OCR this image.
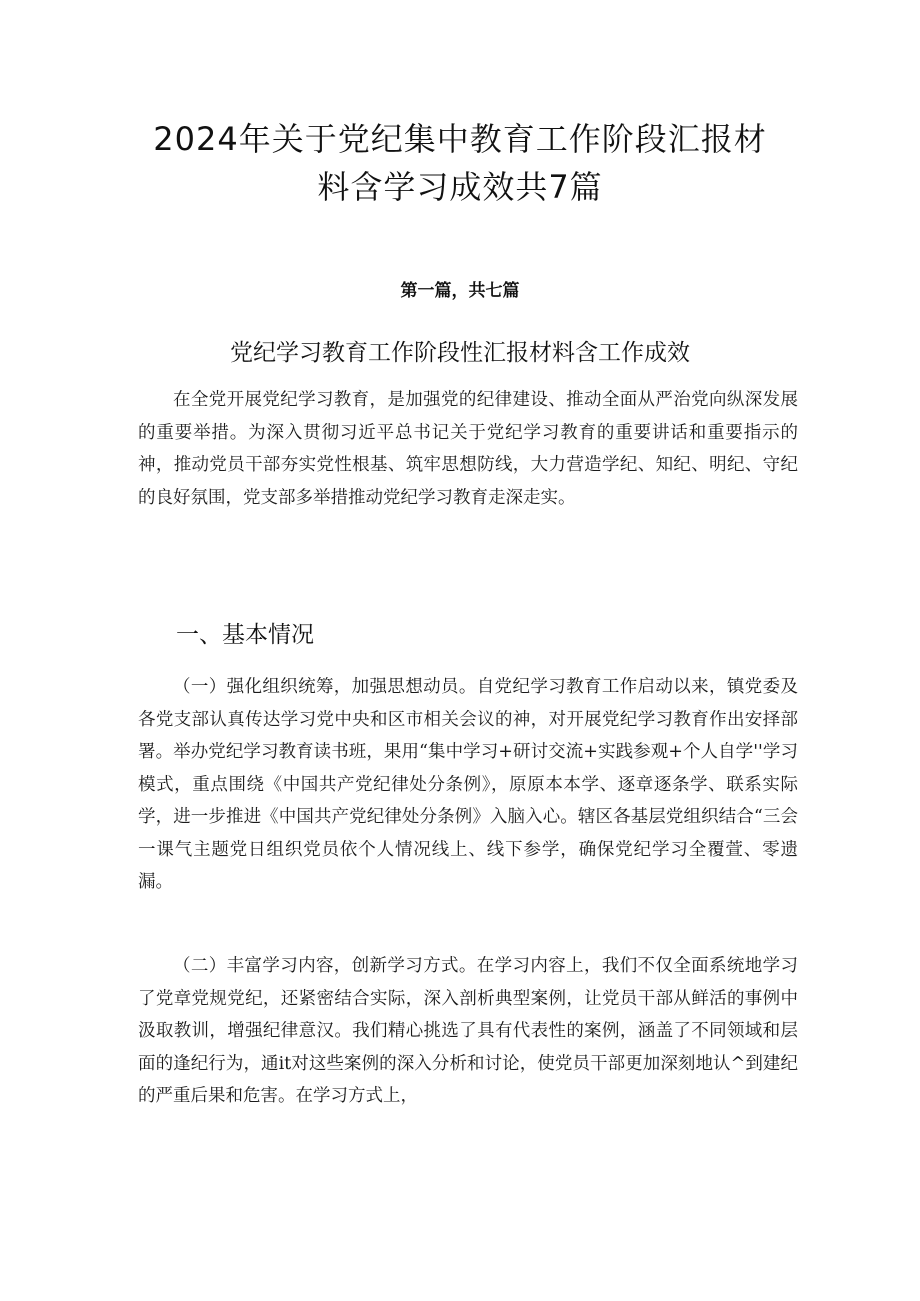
2024年关于党纪集中教育工作阶段汇报材
料含学习成效共7篇
第一篇，共七篇
党纪学习教育工作阶段性汇报材料含工作成效

在全党开展党纪学习教育，是加强党的纪律建设、推动全面从严治党向纵深发展的重要举措。为深入贯彻习近平总书记关于党纪学习教育的重要讲话和重要指示的神，推动党员干部夯实党性根基、筑牢思想防线，大力营造学纪、知纪、明纪、守纪的良好氛围，党支部多举措推动党纪学习教育走深走实。

一、基本情况

（一）强化组织统筹，加强思想动员。自党纪学习教育工作启动以来，镇党委及各党支部认真传达学习党中央和区市相关会议的神，对开展党纪学习教育作出安择部署。举办党纪学习教育读书班，果用“集中学习+研讨交流+实践参观+个人自学''学习模式，重点围绕《中国共产党纪律处分条例》，原原本本学、逐章逐条学、联系实际学，进一步推进《中国共产党纪律处分条例》入脑入心。辖区各基层党组织结合“三会一课气主题党日组织党员依个人情况线上、线下参学，确保党纪学习全覆萱、零遗漏。

（二）丰富学习内容，创新学习方式。在学习内容上，我们不仅全面系统地学习了党章党规党纪，还紧密结合实际，深入剖析典型案例，让党员干部从鲜活的事例中汲取教训，增强纪律意汉。我们精心挑选了具有代表性的案例，涵盖了不同领域和层面的逢纪行为，通it对这些案例的深入分析和讨论，使党员干部更加深刻地认^到建纪的严重后果和危害。在学习方式上，
